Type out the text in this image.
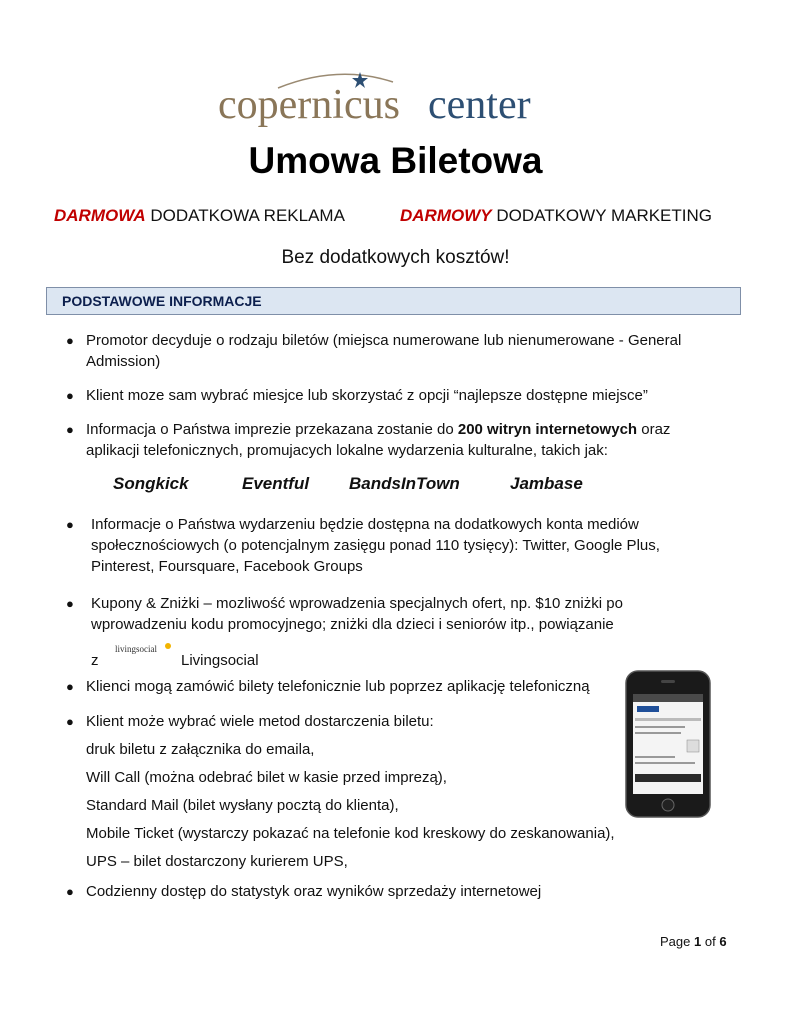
copernicus center
Umowa Biletowa
DARMOWA DODATKOWA REKLAMA	DARMOWY DODATKOWY MARKETING
Bez dodatkowych kosztów!
PODSTAWOWE INFORMACJE
● Promotor decyduje o rodzaju biletów (miejsca numerowane lub nienumerowane - General
Admission)
● Klient moze sam wybrać miesjce lub skorzystać z opcji “najlepsze dostępne miejsce”
● Informacja o Państwa imprezie przekazana zostanie do 200 witryn internetowych oraz
aplikacji telefonicznych, promujacych lokalne wydarzenia kulturalne, takich jak:
Songkick	Eventful BandsInTown	Jambase
● Informacje o Państwa wydarzeniu będzie dostępna na dodatkowych konta mediów
społecznościowych (o potencjalnym zasięgu ponad 110 tysięcy): Twitter, Google Plus,
Pinterest, Foursquare, Facebook Groups
● Kupony & Zniżki – mozliwość wprowadzenia specjalnych ofert, np. $10 zniżki po
wprowadzeniu kodu promocyjnego; zniżki dla dzieci i seniorów itp., powiązanie
z
livingsocial
Livingsocial
● Klienci mogą zamówić bilety telefonicznie lub poprzez aplikację telefoniczną
● Klient może wybrać wiele metod dostarczenia biletu:
druk biletu z załącznika do emaila,
Will Call (można odebrać bilet w kasie przed imprezą),
Standard Mail (bilet wysłany pocztą do klienta),
Mobile Ticket (wystarczy pokazać na telefonie kod kreskowy do zeskanowania),
UPS – bilet dostarczony kurierem UPS,
● Codzienny dostęp do statystyk oraz wyników sprzedaży internetowej
Page 1 of 6
